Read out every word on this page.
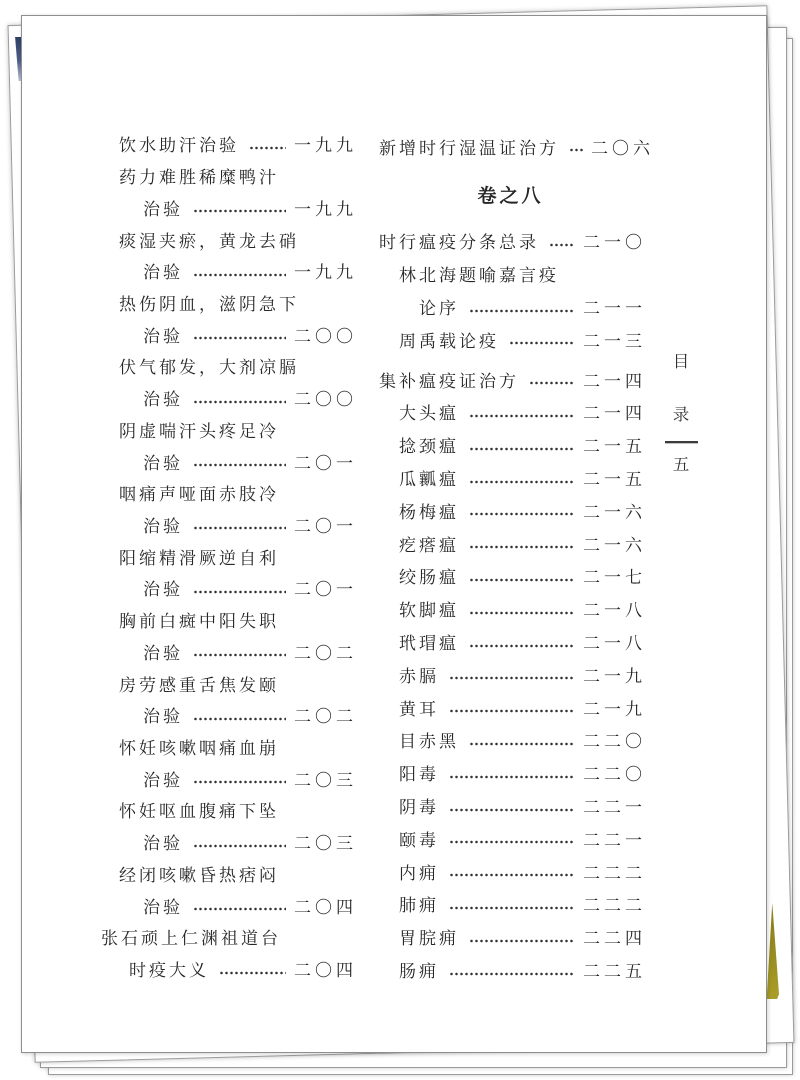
饮水助汗治验	一九九
药力难胜稀糜鸭汁
治验	一九九
痰湿夹瘀，黄龙去硝
治验	一九九
热伤阴血，滋阴急下
治验	二〇〇
伏气郁发，大剂凉膈
治验	二〇〇
阴虚喘汗头疼足冷
治验	二〇一
咽痛声哑面赤肢冷
治验	二〇一
阳缩精滑厥逆自利
治验	二〇一
胸前白癍中阳失职
治验	二〇二
房劳感重舌焦发颐
治验	二〇二
怀妊咳嗽咽痛血崩
治验	二〇三
怀妊呕血腹痛下坠
治验	二〇三
经闭咳嗽昏热痞闷
治验	二〇四
张石顽上仁渊祖道台
时疫大义	二〇四
新增时行湿温证治方 二〇六
卷之八
时行瘟疫分条总录	二一〇
林北海题喻嘉言疫
论序	二一一
周禹载论疫	二一三
集补瘟疫证治方	二一四
大头瘟	二一四
捻颈瘟	二一五
瓜瓤瘟	二一五
杨梅瘟	二一六
疙瘩瘟	二一六
绞肠瘟	二一七
软脚瘟	二一八
玳瑁瘟	二一八
赤膈	二一九
黄耳	二一九
目赤黑	二二〇
阳毒	二二〇
阴毒	二二一
颐毒	二二一
内痈	二二二
肺痈	二二二
胃脘痈	二二四
肠痈	二二五
目
录
五
